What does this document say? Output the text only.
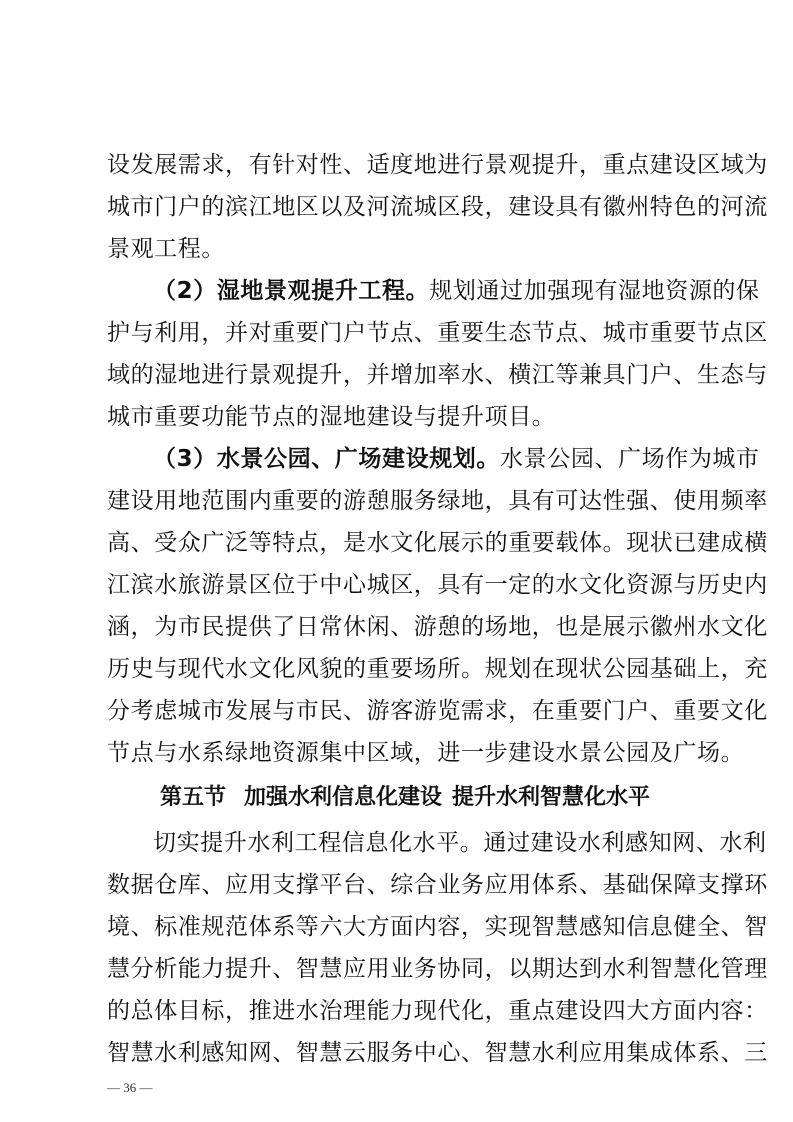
设发展需求，有针对性、适度地进行景观提升，重点建设区域为
城市门户的滨江地区以及河流城区段，建设具有徽州特色的河流
景观工程。
（2）湿地景观提升工程。规划通过加强现有湿地资源的保
护与利用，并对重要门户节点、重要生态节点、城市重要节点区
域的湿地进行景观提升，并增加率水、横江等兼具门户、生态与
城市重要功能节点的湿地建设与提升项目。
（3）水景公园、广场建设规划。水景公园、广场作为城市
建设用地范围内重要的游憩服务绿地，具有可达性强、使用频率
高、受众广泛等特点，是水文化展示的重要载体。现状已建成横
江滨水旅游景区位于中心城区，具有一定的水文化资源与历史内
涵，为市民提供了日常休闲、游憩的场地，也是展示徽州水文化
历史与现代水文化风貌的重要场所。规划在现状公园基础上，充
分考虑城市发展与市民、游客游览需求，在重要门户、重要文化
节点与水系绿地资源集中区域，进一步建设水景公园及广场。
第五节 加强水利信息化建设 提升水利智慧化水平
切实提升水利工程信息化水平。通过建设水利感知网、水利
数据仓库、应用支撑平台、综合业务应用体系、基础保障支撑环
境、标准规范体系等六大方面内容，实现智慧感知信息健全、智
慧分析能力提升、智慧应用业务协同，以期达到水利智慧化管理
的总体目标，推进水治理能力现代化，重点建设四大方面内容：
— 36 —
智慧水利感知网、智慧云服务中心、智慧水利应用集成体系、三
